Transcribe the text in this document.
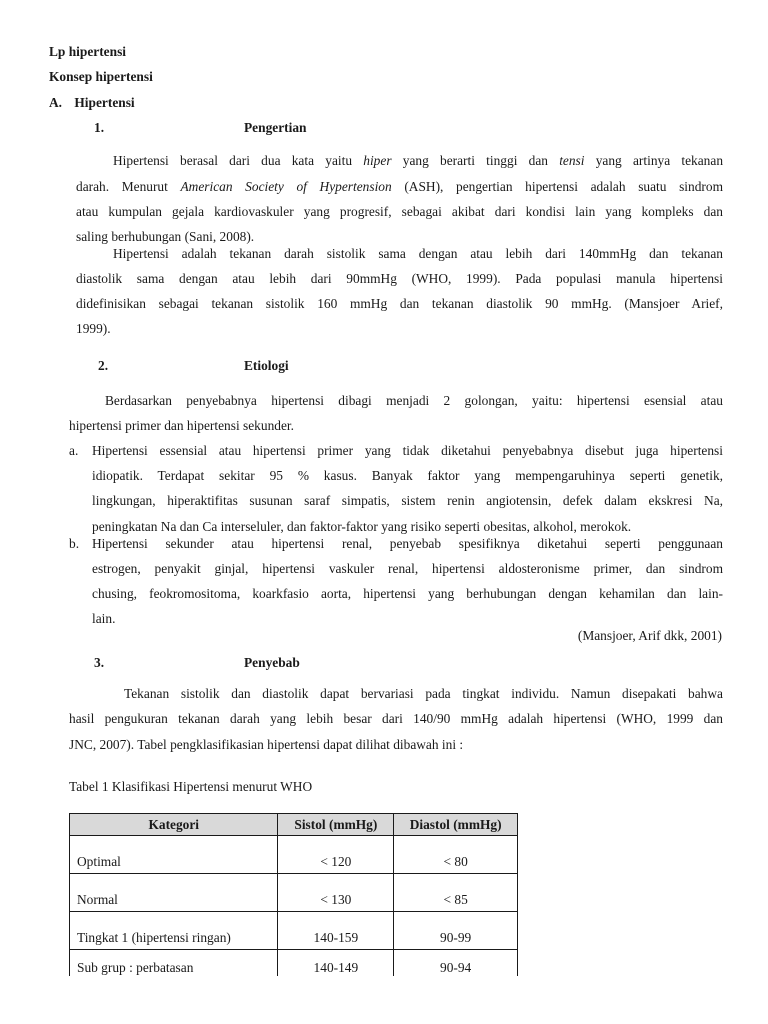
Lp hipertensi
Konsep hipertensi
A. Hipertensi
1.	Pengertian
Hipertensi berasal dari dua kata yaitu hiper yang berarti tinggi dan tensi yang artinya tekanan
darah. Menurut American Society of Hypertension (ASH), pengertian hipertensi adalah suatu sindrom
atau kumpulan gejala kardiovaskuler yang progresif, sebagai akibat dari kondisi lain yang kompleks dan
saling berhubungan (Sani, 2008).
Hipertensi adalah tekanan darah sistolik sama dengan atau lebih dari 140mmHg dan tekanan
diastolik sama dengan atau lebih dari 90mmHg (WHO, 1999). Pada populasi manula hipertensi
didefinisikan sebagai tekanan sistolik 160 mmHg dan tekanan diastolik 90 mmHg. (Mansjoer Arief,
1999).
2.	Etiologi
Berdasarkan penyebabnya hipertensi dibagi menjadi 2 golongan, yaitu: hipertensi esensial atau
hipertensi primer dan hipertensi sekunder.
a. Hipertensi essensial atau hipertensi primer yang tidak diketahui penyebabnya disebut juga hipertensi
idiopatik. Terdapat sekitar 95 % kasus. Banyak faktor yang mempengaruhinya seperti genetik,
lingkungan, hiperaktifitas susunan saraf simpatis, sistem renin angiotensin, defek dalam ekskresi Na,
peningkatan Na dan Ca interseluler, dan faktor-faktor yang risiko seperti obesitas, alkohol, merokok.
b. Hipertensi sekunder atau hipertensi renal, penyebab spesifiknya diketahui seperti penggunaan
estrogen, penyakit ginjal, hipertensi vaskuler renal, hipertensi aldosteronisme primer, dan sindrom
chusing, feokromositoma, koarkfasio aorta, hipertensi yang berhubungan dengan kehamilan dan lain-
lain.
(Mansjoer, Arif dkk, 2001)
3.	Penyebab
Tekanan sistolik dan diastolik dapat bervariasi pada tingkat individu. Namun disepakati bahwa
hasil pengukuran tekanan darah yang lebih besar dari 140/90 mmHg adalah hipertensi (WHO, 1999 dan
JNC, 2007). Tabel pengklasifikasian hipertensi dapat dilihat dibawah ini :
Tabel 1 Klasifikasi Hipertensi menurut WHO
Kategori	Sistol (mmHg)	Diastol (mmHg)
Optimal	< 120	< 80
Normal	< 130	< 85
Tingkat 1 (hipertensi ringan)	140-159	90-99
Sub grup : perbatasan	140-149	90-94
